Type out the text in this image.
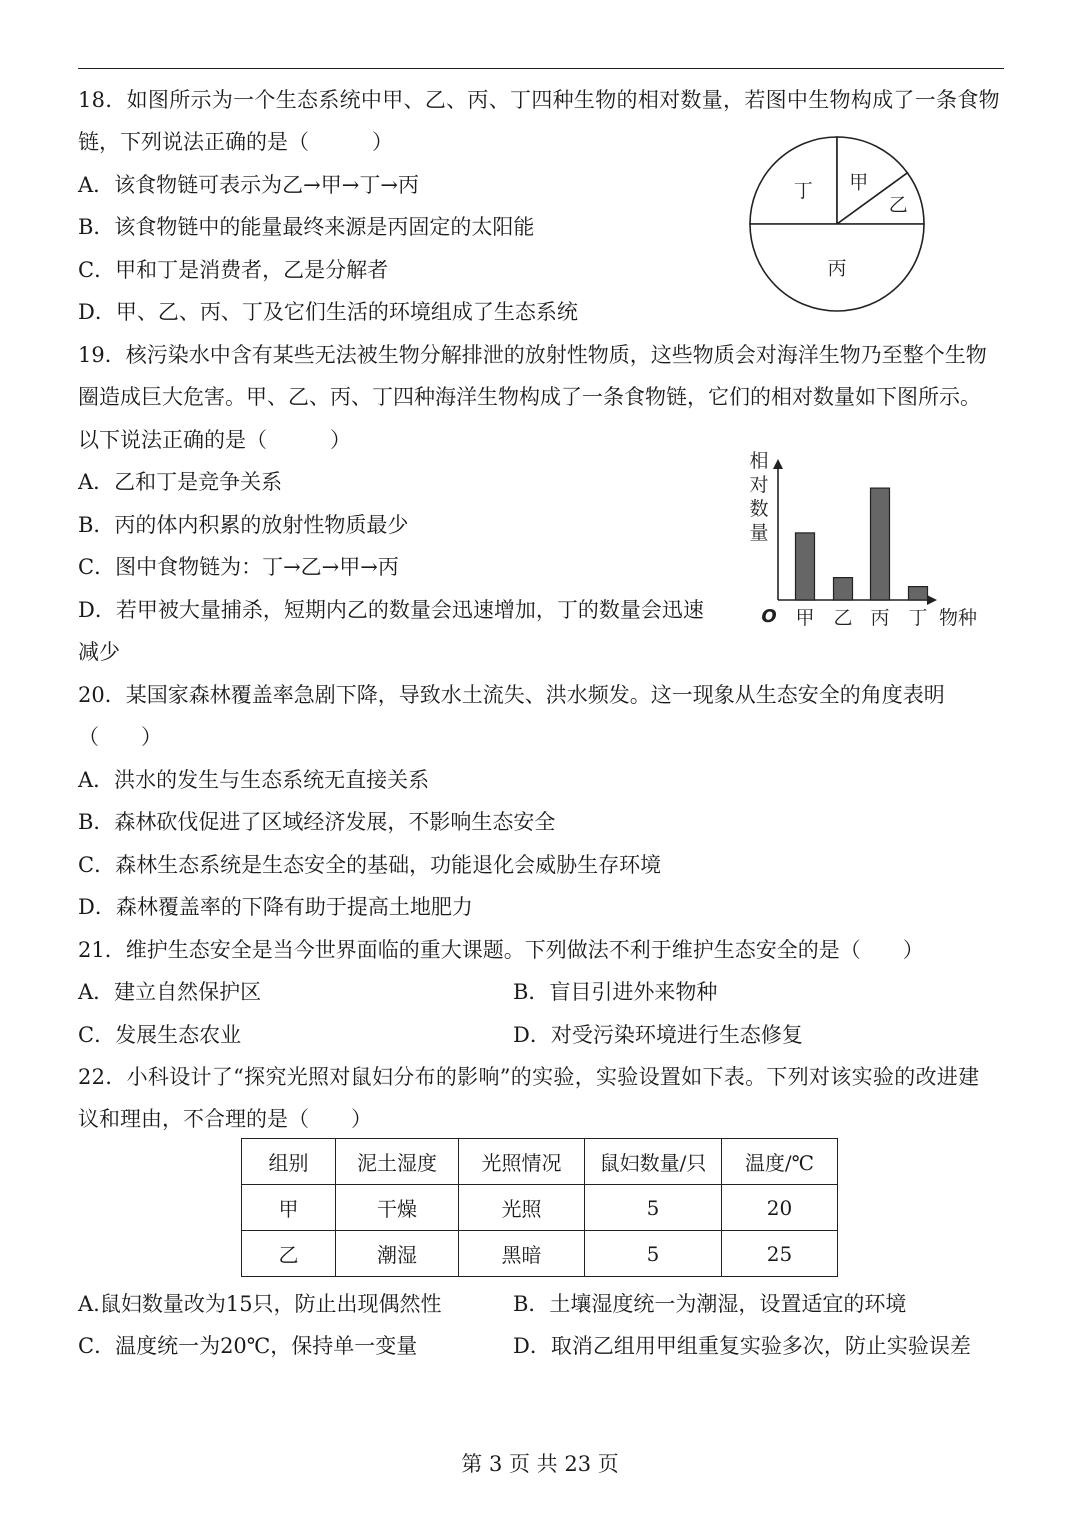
18．如图所示为一个生态系统中甲、乙、丙、丁四种生物的相对数量，若图中生物构成了一条食物
链，下列说法正确的是（　　　）
A．该食物链可表示为乙→甲→丁→丙
B．该食物链中的能量最终来源是丙固定的太阳能
C．甲和丁是消费者，乙是分解者
D．甲、乙、丙、丁及它们生活的环境组成了生态系统
丁 甲
乙
丙
19．核污染水中含有某些无法被生物分解排泄的放射性物质，这些物质会对海洋生物乃至整个生物
圈造成巨大危害。甲、乙、丙、丁四种海洋生物构成了一条食物链，它们的相对数量如下图所示。
以下说法正确的是（　　　）
A．乙和丁是竞争关系
B．丙的体内积累的放射性物质最少
C．图中食物链为：丁→乙→甲→丙
D．若甲被大量捕杀，短期内乙的数量会迅速增加，丁的数量会迅速
减少
甲 乙 丙 丁
O	物种
相
对
数
量
20．某国家森林覆盖率急剧下降，导致水土流失、洪水频发。这一现象从生态安全的角度表明
（　　）
A．洪水的发生与生态系统无直接关系
B．森林砍伐促进了区域经济发展，不影响生态安全
C．森林生态系统是生态安全的基础，功能退化会威胁生存环境
D．森林覆盖率的下降有助于提高土地肥力
21．维护生态安全是当今世界面临的重大课题。下列做法不利于维护生态安全的是（　　）
A．建立自然保护区	B．盲目引进外来物种
C．发展生态农业	D．对受污染环境进行生态修复
22．小科设计了“探究光照对鼠妇分布的影响”的实验，实验设置如下表。下列对该实验的改进建
议和理由，不合理的是（　　）
组别	泥土湿度	光照情况	鼠妇数量/只	温度/℃
甲	干燥	光照	5	20
乙	潮湿	黑暗	5	25
A.鼠妇数量改为15只，防止出现偶然性	B．土壤湿度统一为潮湿，设置适宜的环境
C．温度统一为20℃，保持单一变量	D．取消乙组用甲组重复实验多次，防止实验误差
第 3 页 共 23 页
